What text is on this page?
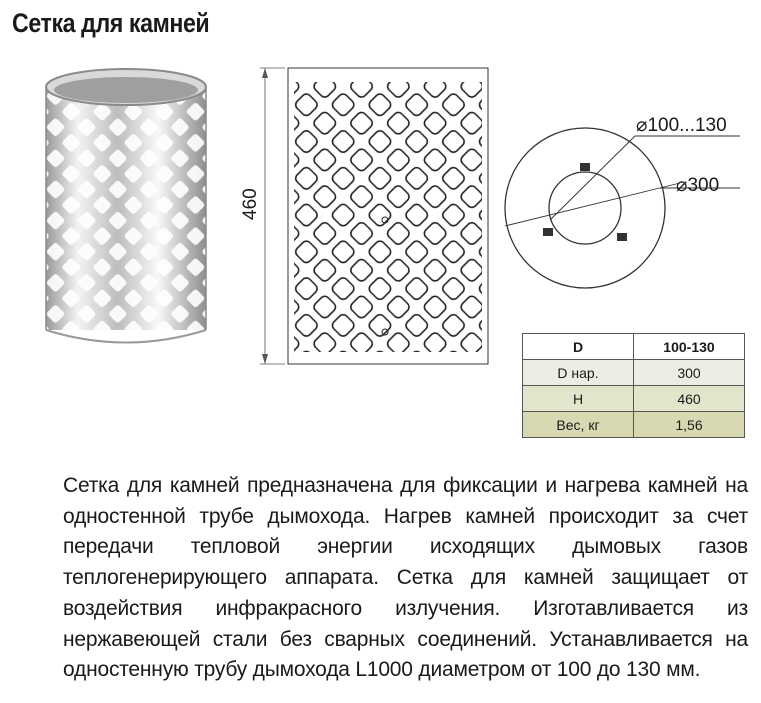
Сетка для камней
460
⌀100...130
⌀300
D	100-130
D нар.	300
H	460
Вес, кг	1,56

Сетка для камней предназначена для фиксации и нагрева камней на одностенной трубе дымохода. Нагрев камней происходит за счет передачи тепловой энергии исходящих дымовых газов теплогенерирующего аппарата. Сетка для камней защищает от воздействия инфракрасного излучения. Изготавливается из нержавеющей стали без сварных соединений. Устанавливается на одностенную трубу дымохода L1000 диаметром от 100 до 130 мм.
